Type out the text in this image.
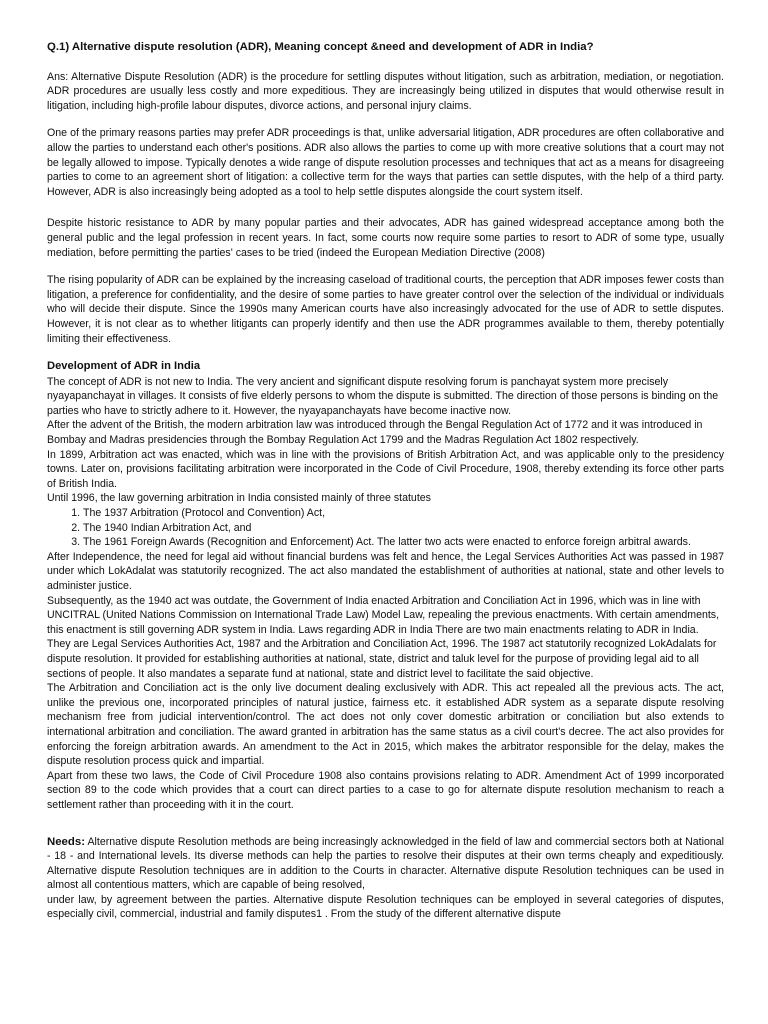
Q.1) Alternative dispute resolution (ADR), Meaning concept &need and development of ADR in India?

Ans: Alternative Dispute Resolution (ADR) is the procedure for settling disputes without litigation, such as arbitration, mediation, or negotiation. ADR procedures are usually less costly and more expeditious. They are increasingly being utilized in disputes that would otherwise result in litigation, including high-profile labour disputes, divorce actions, and personal injury claims.

One of the primary reasons parties may prefer ADR proceedings is that, unlike adversarial litigation, ADR procedures are often collaborative and allow the parties to understand each other's positions. ADR also allows the parties to come up with more creative solutions that a court may not be legally allowed to impose. Typically denotes a wide range of dispute resolution processes and techniques that act as a means for disagreeing parties to come to an agreement short of litigation: a collective term for the ways that parties can settle disputes, with the help of a third party. However, ADR is also increasingly being adopted as a tool to help settle disputes alongside the court system itself.

Despite historic resistance to ADR by many popular parties and their advocates, ADR has gained widespread acceptance among both the general public and the legal profession in recent years. In fact, some courts now require some parties to resort to ADR of some type, usually mediation, before permitting the parties' cases to be tried (indeed the European Mediation Directive (2008)

The rising popularity of ADR can be explained by the increasing caseload of traditional courts, the perception that ADR imposes fewer costs than litigation, a preference for confidentiality, and the desire of some parties to have greater control over the selection of the individual or individuals who will decide their dispute. Since the 1990s many American courts have also increasingly advocated for the use of ADR to settle disputes. However, it is not clear as to whether litigants can properly identify and then use the ADR programmes available to them, thereby potentially limiting their effectiveness.

Development of ADR in India

The concept of ADR is not new to India. The very ancient and significant dispute resolving forum is panchayat system more precisely nyayapanchayat in villages. It consists of five elderly persons to whom the dispute is submitted. The direction of those persons is binding on the parties who have to strictly adhere to it. However, the nyayapanchayats have become inactive now.

After the advent of the British, the modern arbitration law was introduced through the Bengal Regulation Act of 1772 and it was introduced in Bombay and Madras presidencies through the Bombay Regulation Act 1799 and the Madras Regulation Act 1802 respectively.

In 1899, Arbitration act was enacted, which was in line with the provisions of British Arbitration Act, and was applicable only to the presidency towns. Later on, provisions facilitating arbitration were incorporated in the Code of Civil Procedure, 1908, thereby extending its force other parts of British India.

Until 1996, the law governing arbitration in India consisted mainly of three statutes

1. The 1937 Arbitration (Protocol and Convention) Act,
2. The 1940 Indian Arbitration Act, and
3. The 1961 Foreign Awards (Recognition and Enforcement) Act. The latter two acts were enacted to enforce foreign arbitral awards.

After Independence, the need for legal aid without financial burdens was felt and hence, the Legal Services Authorities Act was passed in 1987 under which LokAdalat was statutorily recognized. The act also mandated the establishment of authorities at national, state and other levels to administer justice.

Subsequently, as the 1940 act was outdate, the Government of India enacted Arbitration and Conciliation Act in 1996, which was in line with UNCITRAL (United Nations Commission on International Trade Law) Model Law, repealing the previous enactments. With certain amendments, this enactment is still governing ADR system in India. Laws regarding ADR in India There are two main enactments relating to ADR in India. They are Legal Services Authorities Act, 1987 and the Arbitration and Conciliation Act, 1996. The 1987 act statutorily recognized LokAdalats for dispute resolution. It provided for establishing authorities at national, state, district and taluk level for the purpose of providing legal aid to all sections of people. It also mandates a separate fund at national, state and district level to facilitate the said objective.

The Arbitration and Conciliation act is the only live document dealing exclusively with ADR. This act repealed all the previous acts. The act, unlike the previous one, incorporated principles of natural justice, fairness etc. it established ADR system as a separate dispute resolving mechanism free from judicial intervention/control. The act does not only cover domestic arbitration or conciliation but also extends to international arbitration and conciliation. The award granted in arbitration has the same status as a civil court's decree. The act also provides for enforcing the foreign arbitration awards. An amendment to the Act in 2015, which makes the arbitrator responsible for the delay, makes the dispute resolution process quick and impartial.

Apart from these two laws, the Code of Civil Procedure 1908 also contains provisions relating to ADR. Amendment Act of 1999 incorporated section 89 to the code which provides that a court can direct parties to a case to go for alternate dispute resolution mechanism to reach a settlement rather than proceeding with it in the court.

Needs: Alternative dispute Resolution methods are being increasingly acknowledged in the field of law and commercial sectors both at National - 18 - and International levels. Its diverse methods can help the parties to resolve their disputes at their own terms cheaply and expeditiously. Alternative dispute Resolution techniques are in addition to the Courts in character. Alternative dispute Resolution techniques can be used in almost all contentious matters, which are capable of being resolved,

under law, by agreement between the parties. Alternative dispute Resolution techniques can be employed in several categories of disputes, especially civil, commercial, industrial and family disputes1 . From the study of the different alternative dispute
